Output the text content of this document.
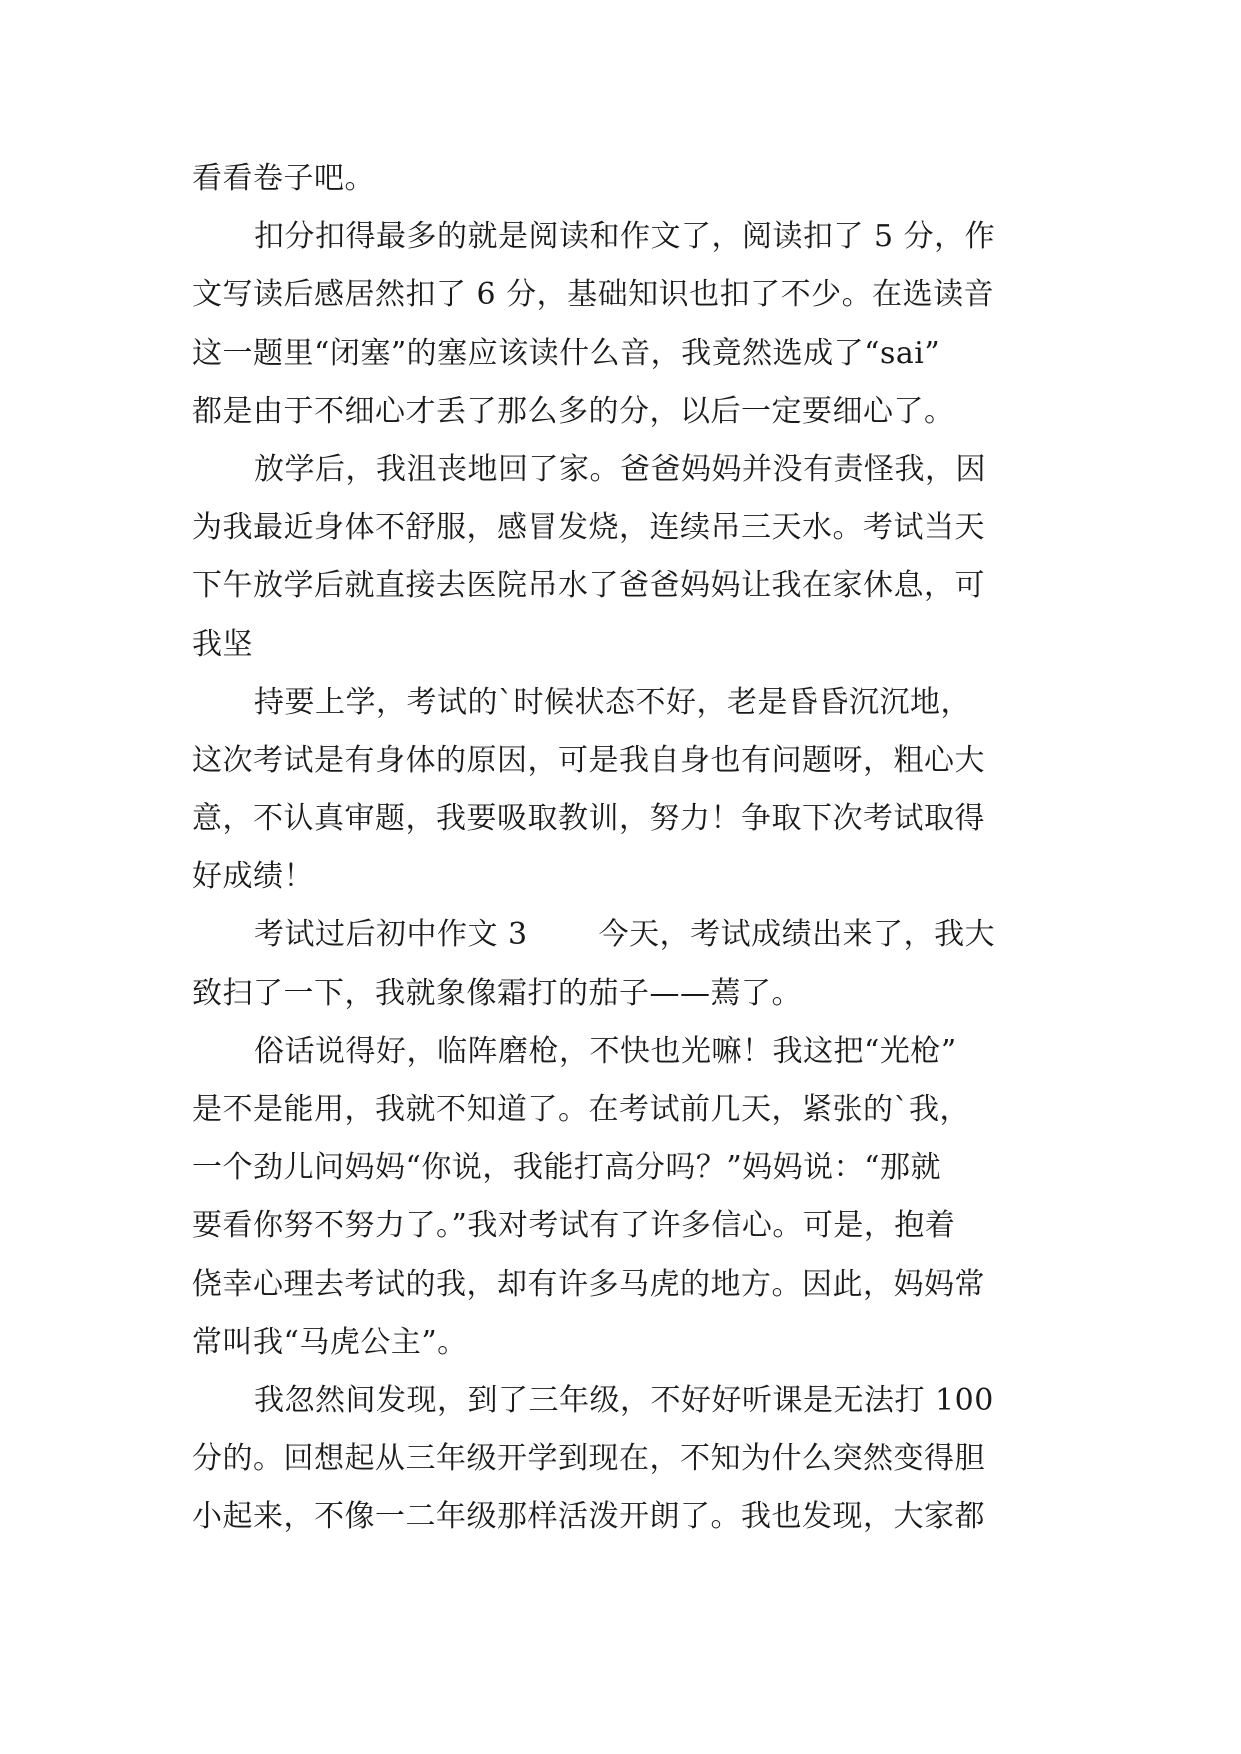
看看卷子吧。
扣分扣得最多的就是阅读和作文了，阅读扣了 5 分，作
文写读后感居然扣了 6 分，基础知识也扣了不少。在选读音
这一题里“闭塞”的塞应该读什么音，我竟然选成了“sai”
都是由于不细心才丢了那么多的分，以后一定要细心了。
放学后，我沮丧地回了家。爸爸妈妈并没有责怪我，因
为我最近身体不舒服，感冒发烧，连续吊三天水。考试当天
下午放学后就直接去医院吊水了爸爸妈妈让我在家休息，可
我坚
持要上学，考试的`时候状态不好，老是昏昏沉沉地，
这次考试是有身体的原因，可是我自身也有问题呀，粗心大
意，不认真审题，我要吸取教训，努力！争取下次考试取得
好成绩！
考试过后初中作文 3　　 今天，考试成绩出来了，我大
致扫了一下，我就象像霜打的茄子——蔫了。
俗话说得好，临阵磨枪，不快也光嘛！我这把“光枪”
是不是能用，我就不知道了。在考试前几天，紧张的`我，
一个劲儿问妈妈“你说，我能打高分吗？”妈妈说：“那就
要看你努不努力了。”我对考试有了许多信心。可是，抱着
侥幸心理去考试的我，却有许多马虎的地方。因此，妈妈常
常叫我“马虎公主”。
我忽然间发现，到了三年级，不好好听课是无法打 100
分的。回想起从三年级开学到现在，不知为什么突然变得胆
小起来，不像一二年级那样活泼开朗了。我也发现，大家都
